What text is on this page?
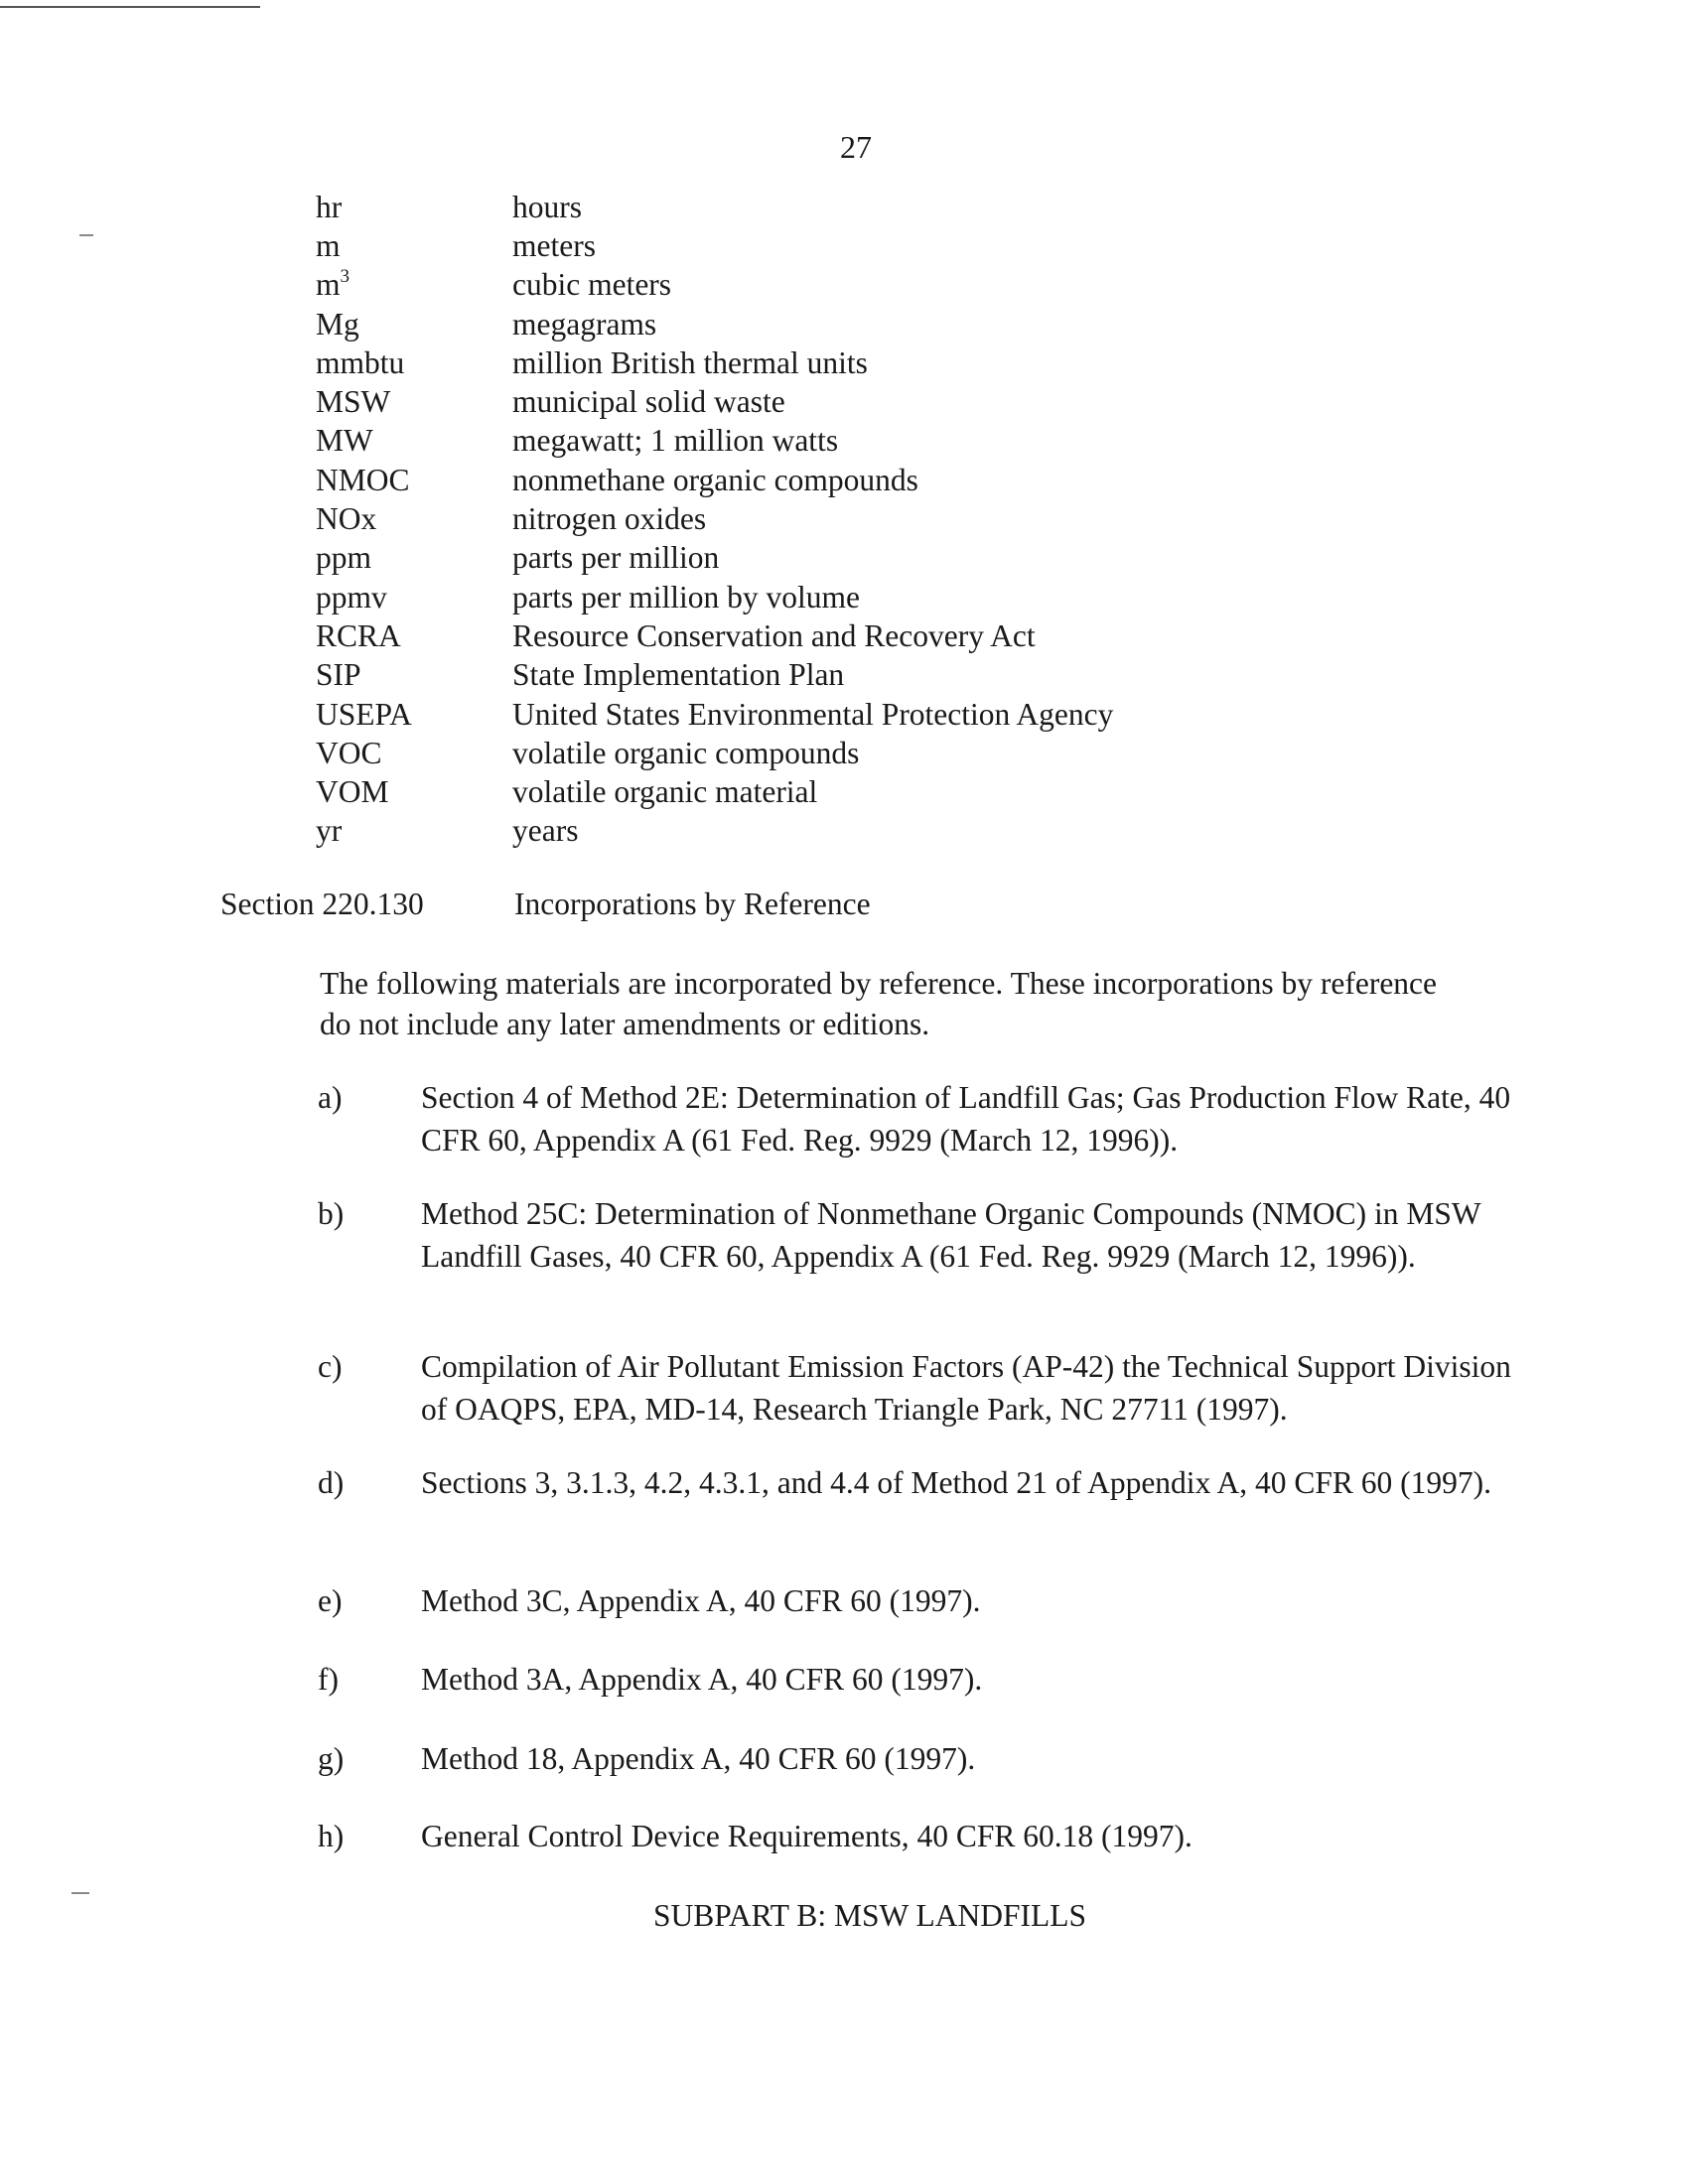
27
hr	hours
m	meters
$m^3$	cubic meters
Mg	megagrams
mmbtu	million British thermal units
MSW	municipal solid waste
MW	megawatt; 1 million watts
NMOC	nonmethane organic compounds
NOx	nitrogen oxides
ppm	parts per million
ppmv	parts per million by volume
RCRA	Resource Conservation and Recovery Act
SIP	State Implementation Plan
USEPA	United States Environmental Protection Agency
VOC	volatile organic compounds
VOM	volatile organic material
yr	years
Section 220.130	Incorporations by Reference
The following materials are incorporated by reference. These incorporations by reference do not include any later amendments or editions.
a)	Section 4 of Method 2E: Determination of Landfill Gas; Gas Production Flow Rate, 40 CFR 60, Appendix A (61 Fed. Reg. 9929 (March 12, 1996)).
b)	Method 25C: Determination of Nonmethane Organic Compounds (NMOC) in MSW Landfill Gases, 40 CFR 60, Appendix A (61 Fed. Reg. 9929 (March 12, 1996)).
c)	Compilation of Air Pollutant Emission Factors (AP-42) the Technical Support Division of OAQPS, EPA, MD-14, Research Triangle Park, NC 27711 (1997).
d)	Sections 3, 3.1.3, 4.2, 4.3.1, and 4.4 of Method 21 of Appendix A, 40 CFR 60 (1997).
e)	Method 3C, Appendix A, 40 CFR 60 (1997).
f)	Method 3A, Appendix A, 40 CFR 60 (1997).
g)	Method 18, Appendix A, 40 CFR 60 (1997).
h)	General Control Device Requirements, 40 CFR 60.18 (1997).
SUBPART B: MSW LANDFILLS
